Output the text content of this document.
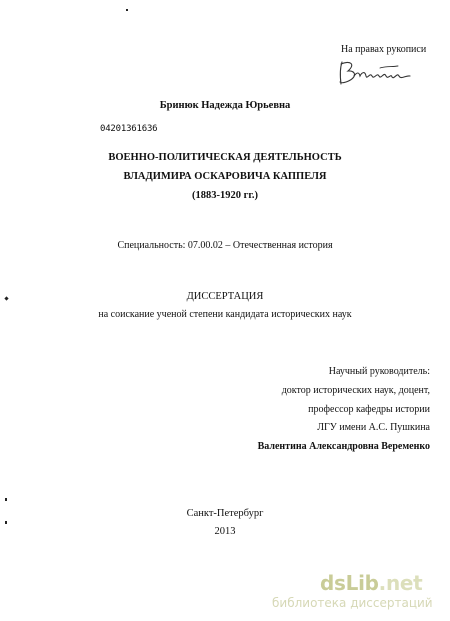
На правах рукописи
Бринюк Надежда Юрьевна
04201361636
ВОЕННО-ПОЛИТИЧЕСКАЯ ДЕЯТЕЛЬНОСТЬ
ВЛАДИМИРА ОСКАРОВИЧА КАППЕЛЯ
(1883-1920 гг.)
Специальность: 07.00.02 – Отечественная история
ДИССЕРТАЦИЯ
на соискание ученой степени кандидата исторических наук
Научный руководитель:
доктор исторических наук, доцент,
профессор кафедры истории
ЛГУ имени А.С. Пушкина
Валентина Александровна Веременко
Санкт-Петербург
2013
dsLib.net
библиотека диссертаций
